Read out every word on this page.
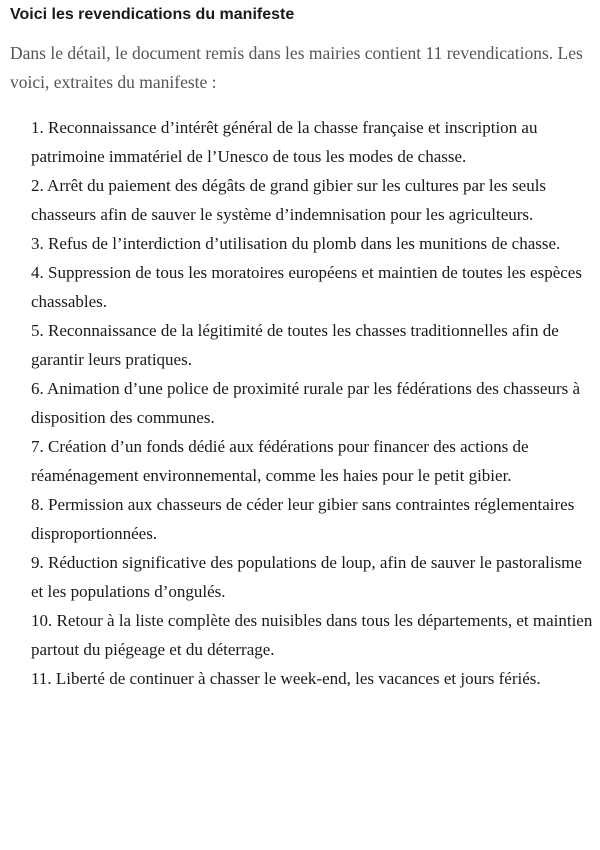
Voici les revendications du manifeste

Dans le détail, le document remis dans les mairies contient 11 revendications. Les voici, extraites du manifeste :

1. Reconnaissance d’intérêt général de la chasse française et inscription au patrimoine immatériel de l’Unesco de tous les modes de chasse.
2. Arrêt du paiement des dégâts de grand gibier sur les cultures par les seuls chasseurs afin de sauver le système d’indemnisation pour les agriculteurs.
3. Refus de l’interdiction d’utilisation du plomb dans les munitions de chasse.
4. Suppression de tous les moratoires européens et maintien de toutes les espèces chassables.
5. Reconnaissance de la légitimité de toutes les chasses traditionnelles afin de garantir leurs pratiques.
6. Animation d’une police de proximité rurale par les fédérations des chasseurs à disposition des communes.
7. Création d’un fonds dédié aux fédérations pour financer des actions de réaménagement environnemental, comme les haies pour le petit gibier.
8. Permission aux chasseurs de céder leur gibier sans contraintes réglementaires disproportionnées.
9. Réduction significative des populations de loup, afin de sauver le pastoralisme et les populations d’ongulés.
10. Retour à la liste complète des nuisibles dans tous les départements, et maintien partout du piégeage et du déterrage.
11. Liberté de continuer à chasser le week-end, les vacances et jours fériés.
